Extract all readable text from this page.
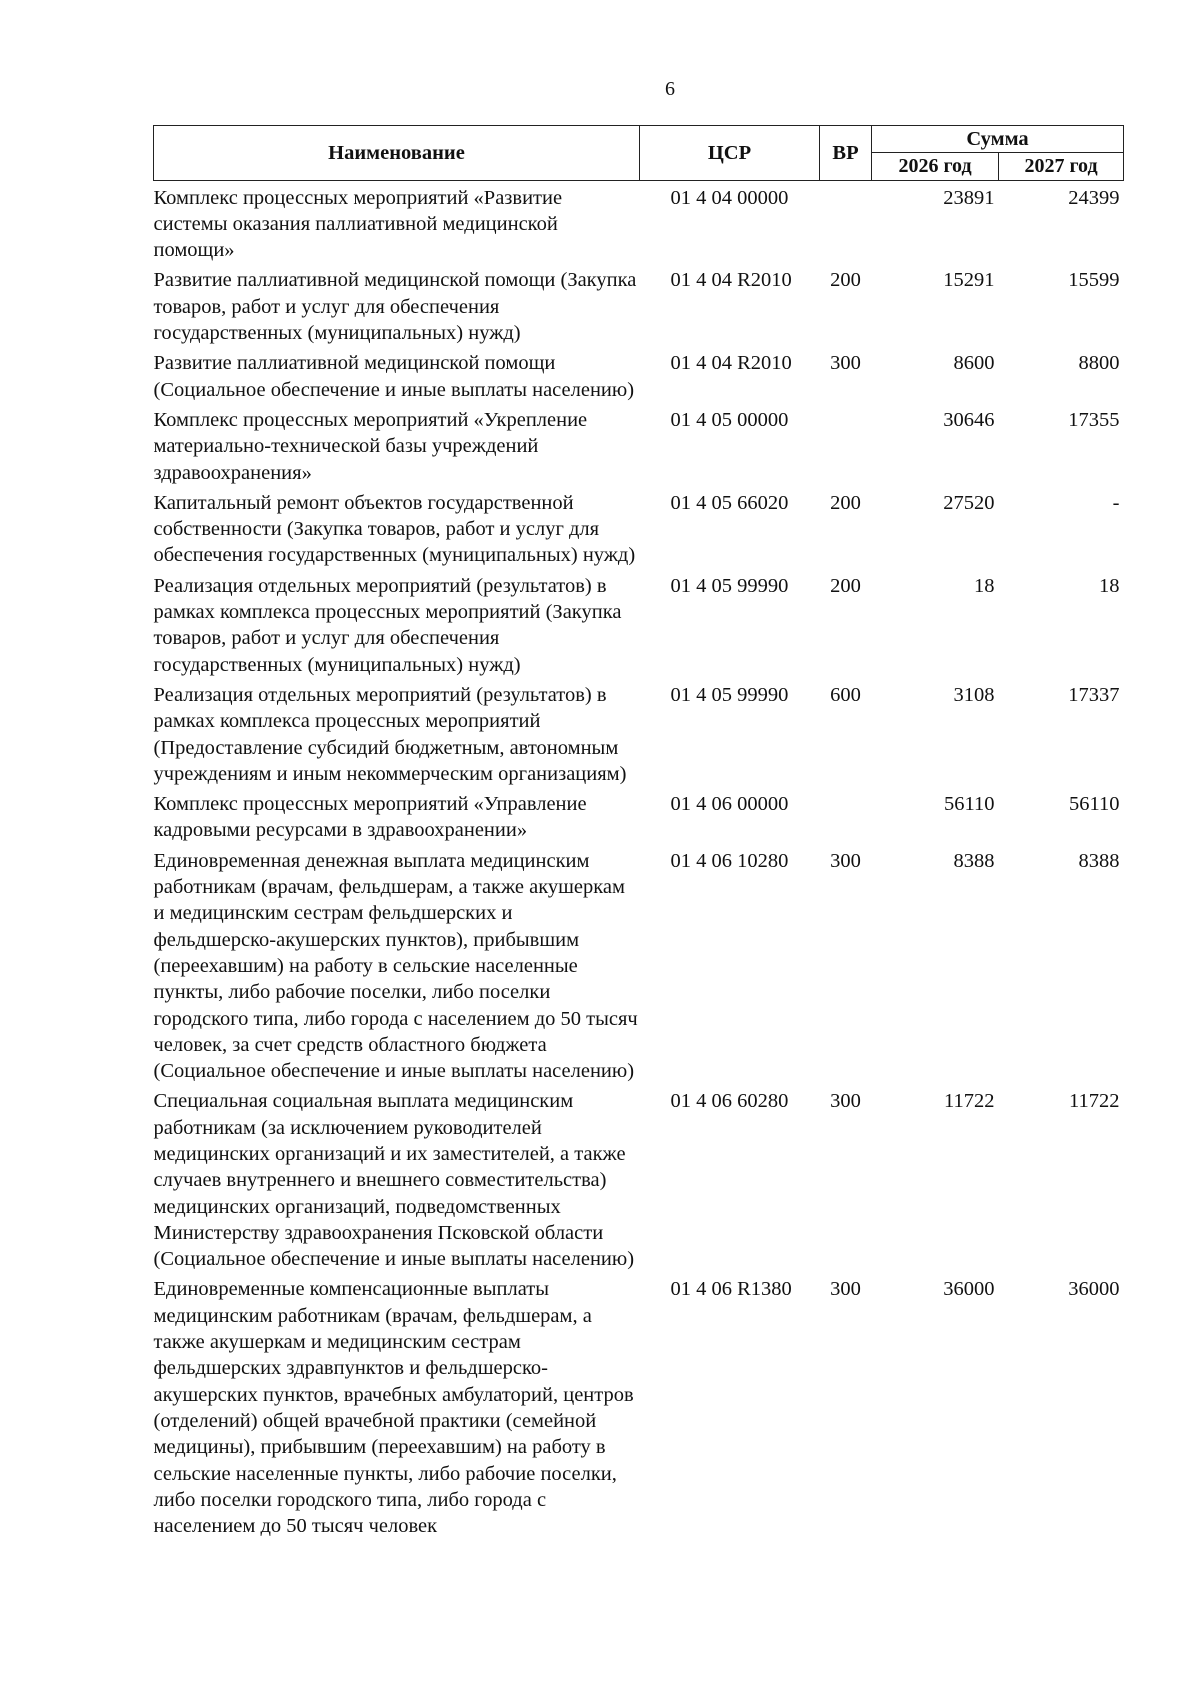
6
Наименование	ЦСР	ВР	Сумма	
			2026 год	2027 год
Комплекс процессных мероприятий «Развитие системы оказания паллиативной медицинской помощи»	01 4 04 00000		23891	24399
Развитие паллиативной медицинской помощи (Закупка товаров, работ и услуг для обеспечения государственных (муниципальных) нужд)	01 4 04 R2010	200	15291	15599
Развитие паллиативной медицинской помощи (Социальное обеспечение и иные выплаты населению)	01 4 04 R2010	300	8600	8800
Комплекс процессных мероприятий «Укрепление материально-технической базы учреждений здравоохранения»	01 4 05 00000		30646	17355
Капитальный ремонт объектов государственной собственности (Закупка товаров, работ и услуг для обеспечения государственных (муниципальных) нужд)	01 4 05 66020	200	27520	-
Реализация отдельных мероприятий (результатов) в рамках комплекса процессных мероприятий (Закупка товаров, работ и услуг для обеспечения государственных (муниципальных) нужд)	01 4 05 99990	200	18	18
Реализация отдельных мероприятий (результатов) в рамках комплекса процессных мероприятий (Предоставление субсидий бюджетным, автономным учреждениям и иным некоммерческим организациям)	01 4 05 99990	600	3108	17337
Комплекс процессных мероприятий «Управление кадровыми ресурсами в здравоохранении»	01 4 06 00000		56110	56110
Единовременная денежная выплата медицинским работникам (врачам, фельдшерам, а также акушеркам и медицинским сестрам фельдшерских и фельдшерско-акушерских пунктов), прибывшим (переехавшим) на работу в сельские населенные пункты, либо рабочие поселки, либо поселки городского типа, либо города с населением до 50 тысяч человек, за счет средств областного бюджета (Социальное обеспечение и иные выплаты населению)	01 4 06 10280	300	8388	8388
Специальная социальная выплата медицинским работникам (за исключением руководителей медицинских организаций и их заместителей, а также случаев внутреннего и внешнего совместительства) медицинских организаций, подведомственных Министерству здравоохранения Псковской области (Социальное обеспечение и иные выплаты населению)	01 4 06 60280	300	11722	11722
Единовременные компенсационные выплаты медицинским работникам (врачам, фельдшерам, а также акушеркам и медицинским сестрам фельдшерских здравпунктов и фельдшерско-акушерских пунктов, врачебных амбулаторий, центров (отделений) общей врачебной практики (семейной медицины), прибывшим (переехавшим) на работу в сельские населенные пункты, либо рабочие поселки, либо поселки городского типа, либо города с населением до 50 тысяч человек	01 4 06 R1380	300	36000	36000
